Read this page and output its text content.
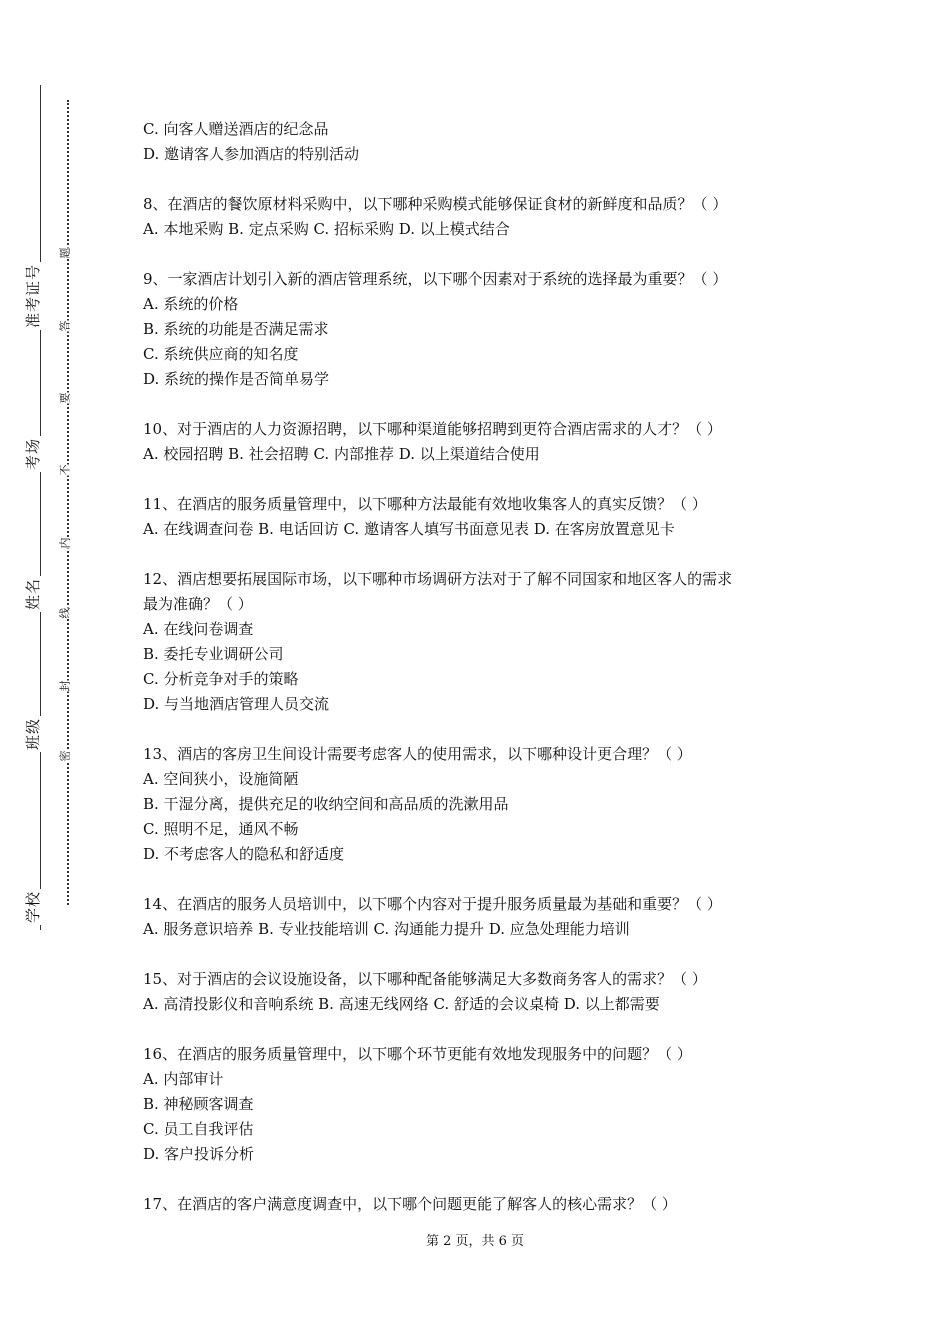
准考证号
考场
姓名
班级
学校
题
答
要
不
内
线
封
密
C. 向客人赠送酒店的纪念品
D. 邀请客人参加酒店的特别活动
8、在酒店的餐饮原材料采购中，以下哪种采购模式能够保证食材的新鲜度和品质？（ ）
A. 本地采购 B. 定点采购 C. 招标采购 D. 以上模式结合
9、一家酒店计划引入新的酒店管理系统，以下哪个因素对于系统的选择最为重要？（ ）
A. 系统的价格
B. 系统的功能是否满足需求
C. 系统供应商的知名度
D. 系统的操作是否简单易学
10、对于酒店的人力资源招聘，以下哪种渠道能够招聘到更符合酒店需求的人才？（ ）
A. 校园招聘 B. 社会招聘 C. 内部推荐 D. 以上渠道结合使用
11、在酒店的服务质量管理中，以下哪种方法最能有效地收集客人的真实反馈？（ ）
A. 在线调查问卷 B. 电话回访 C. 邀请客人填写书面意见表 D. 在客房放置意见卡
12、酒店想要拓展国际市场，以下哪种市场调研方法对于了解不同国家和地区客人的需求
最为准确？（ ）
A. 在线问卷调查
B. 委托专业调研公司
C. 分析竞争对手的策略
D. 与当地酒店管理人员交流
13、酒店的客房卫生间设计需要考虑客人的使用需求，以下哪种设计更合理？（ ）
A. 空间狭小，设施简陋
B. 干湿分离，提供充足的收纳空间和高品质的洗漱用品
C. 照明不足，通风不畅
D. 不考虑客人的隐私和舒适度
14、在酒店的服务人员培训中，以下哪个内容对于提升服务质量最为基础和重要？（ ）
A. 服务意识培养 B. 专业技能培训 C. 沟通能力提升 D. 应急处理能力培训
15、对于酒店的会议设施设备，以下哪种配备能够满足大多数商务客人的需求？（ ）
A. 高清投影仪和音响系统 B. 高速无线网络 C. 舒适的会议桌椅 D. 以上都需要
16、在酒店的服务质量管理中，以下哪个环节更能有效地发现服务中的问题？（ ）
A. 内部审计
B. 神秘顾客调查
C. 员工自我评估
D. 客户投诉分析
17、在酒店的客户满意度调查中，以下哪个问题更能了解客人的核心需求？（ ）
第 2 页，共 6 页
